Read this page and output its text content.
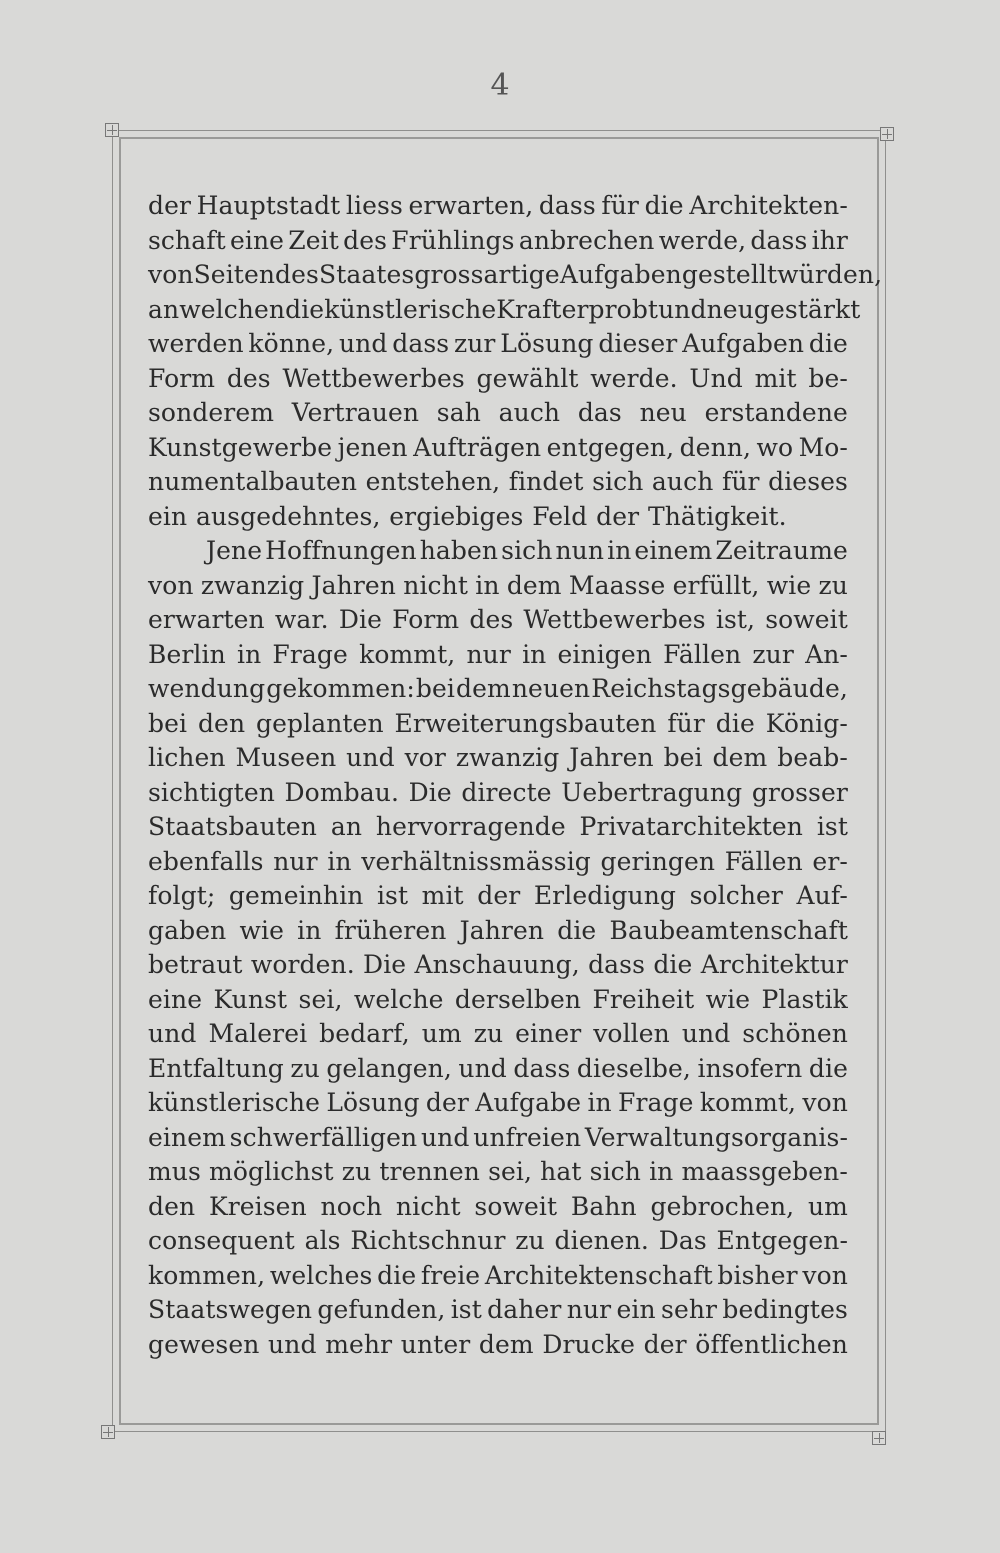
4
der Hauptstadt liess erwarten, dass für die Architekten-
schaft eine Zeit des Frühlings anbrechen werde, dass ihr
von Seiten des Staates grossartige Aufgaben gestellt würden,
an welchen die künstlerische Kraft erprobt und neu gestärkt
werden könne, und dass zur Lösung dieser Aufgaben die
Form des Wettbewerbes gewählt werde. Und mit be-
sonderem Vertrauen sah auch das neu erstandene
Kunstgewerbe jenen Aufträgen entgegen, denn, wo Mo-
numentalbauten entstehen, findet sich auch für dieses
ein ausgedehntes, ergiebiges Feld der Thätigkeit.
Jene Hoffnungen haben sich nun in einem Zeitraume
von zwanzig Jahren nicht in dem Maasse erfüllt, wie zu
erwarten war. Die Form des Wettbewerbes ist, soweit
Berlin in Frage kommt, nur in einigen Fällen zur An-
wendung gekommen: bei dem neuen Reichstagsgebäude,
bei den geplanten Erweiterungsbauten für die König-
lichen Museen und vor zwanzig Jahren bei dem beab-
sichtigten Dombau. Die directe Uebertragung grosser
Staatsbauten an hervorragende Privatarchitekten ist
ebenfalls nur in verhältnissmässig geringen Fällen er-
folgt; gemeinhin ist mit der Erledigung solcher Auf-
gaben wie in früheren Jahren die Baubeamtenschaft
betraut worden. Die Anschauung, dass die Architektur
eine Kunst sei, welche derselben Freiheit wie Plastik
und Malerei bedarf, um zu einer vollen und schönen
Entfaltung zu gelangen, und dass dieselbe, insofern die
künstlerische Lösung der Aufgabe in Frage kommt, von
einem schwerfälligen und unfreien Verwaltungsorganis-
mus möglichst zu trennen sei, hat sich in maassgeben-
den Kreisen noch nicht soweit Bahn gebrochen, um
consequent als Richtschnur zu dienen. Das Entgegen-
kommen, welches die freie Architektenschaft bisher von
Staatswegen gefunden, ist daher nur ein sehr bedingtes
gewesen und mehr unter dem Drucke der öffentlichen
